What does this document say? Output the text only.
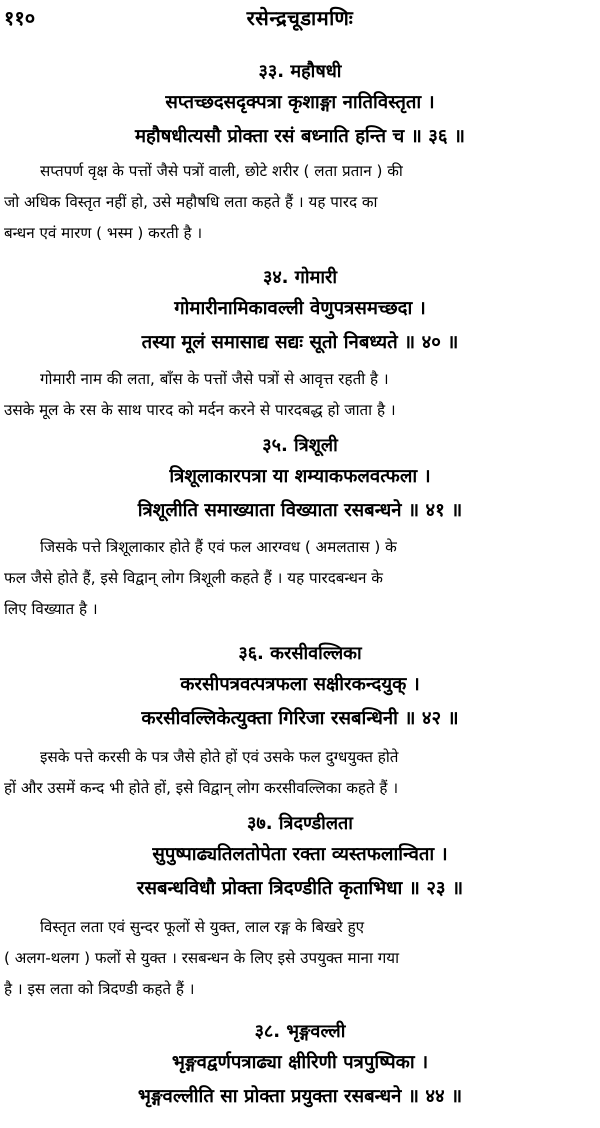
११०	रसेन्द्रचूडामणिः
३३. महौषधी
सप्तच्छदसदृक्पत्रा कृशाङ्गा नातिविस्तृता ।
महौषधीत्यसौ प्रोक्ता रसं बध्नाति हन्ति च ॥ ३६ ॥
सप्तपर्ण वृक्ष के पत्तों जैसे पत्रों वाली, छोटे शरीर ( लता प्रतान ) की
जो अधिक विस्तृत नहीं हो, उसे महौषधि लता कहते हैं । यह पारद का
बन्धन एवं मारण ( भस्म ) करती है ।
३४. गोमारी
गोमारीनामिकावल्ली वेणुपत्रसमच्छदा ।
तस्या मूलं समासाद्य सद्यः सूतो निबध्यते ॥ ४० ॥
गोमारी नाम की लता, बाँस के पत्तों जैसे पत्रों से आवृत्त रहती है ।
उसके मूल के रस के साथ पारद को मर्दन करने से पारदबद्ध हो जाता है ।
३५. त्रिशूली
त्रिशूलाकारपत्रा या शम्याकफलवत्फला ।
त्रिशूलीति समाख्याता विख्याता रसबन्धने ॥ ४१ ॥
जिसके पत्ते त्रिशूलाकार होते हैं एवं फल आरग्वध ( अमलतास ) के
फल जैसे होते हैं, इसे विद्वान् लोग त्रिशूली कहते हैं । यह पारदबन्धन के
लिए विख्यात है ।
३६. करसीवल्लिका
करसीपत्रवत्पत्रफला सक्षीरकन्दयुक् ।
करसीवल्लिकेत्युक्ता गिरिजा रसबन्धिनी ॥ ४२ ॥
इसके पत्ते करसी के पत्र जैसे होते हों एवं उसके फल दुग्धयुक्त होते
हों और उसमें कन्द भी होते हों, इसे विद्वान् लोग करसीवल्लिका कहते हैं ।
३७. त्रिदण्डीलता
सुपुष्पाढ्यतिलतोपेता रक्ता व्यस्तफलान्विता ।
रसबन्धविधौ प्रोक्ता त्रिदण्डीति कृताभिधा ॥ २३ ॥
विस्तृत लता एवं सुन्दर फूलों से युक्त, लाल रङ्ग के बिखरे हुए
( अलग-थलग ) फलों से युक्त । रसबन्धन के लिए इसे उपयुक्त माना गया
है । इस लता को त्रिदण्डी कहते हैं ।
३८. भृङ्गवल्ली
भृङ्गवद्वर्णपत्राढ्या क्षीरिणी पत्रपुष्पिका ।
भृङ्गवल्लीति सा प्रोक्ता प्रयुक्ता रसबन्धने ॥ ४४ ॥
